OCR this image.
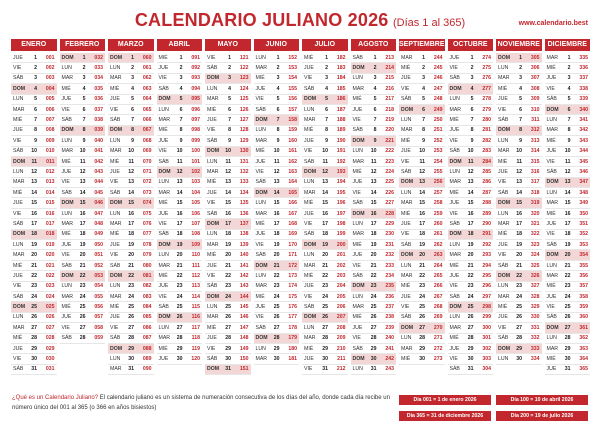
CALENDARIO JULIANO 2026 (Días 1 al 365)	www.calendario.best
ENERO
JUE	1	001
VIE	2	002
SÁB	3	003
DOM	4	004
LUN	5	005
MAR	6	006
MIÉ	7	007
JUE	8	008
VIE	9	009
SÁB	10	010
DOM	11	011
LUN	12	012
MAR	13	013
MIÉ	14	014
JUE	15	015
VIE	16	016
SÁB	17	017
DOM	18	018
LUN	19	019
MAR	20	020
MIÉ	21	021
JUE	22	022
VIE	23	023
SÁB	24	024
DOM	25	025
LUN	26	026
MAR	27	027
MIÉ	28	028
JUE	29	029
VIE	30	030
SÁB	31	031
FEBRERO
DOM	1	032
LUN	2	033
MAR	3	034
MIÉ	4	035
JUE	5	036
VIE	6	037
SÁB	7	038
DOM	8	039
LUN	9	040
MAR	10	041
MIÉ	11	042
JUE	12	043
VIE	13	044
SÁB	14	045
DOM	15	046
LUN	16	047
MAR	17	048
MIÉ	18	049
JUE	19	050
VIE	20	051
SÁB	21	052
DOM	22	053
LUN	23	054
MAR	24	055
MIÉ	25	056
JUE	26	057
VIE	27	058
SÁB	28	059
MARZO
DOM	1	060
LUN	2	061
MAR	3	062
MIÉ	4	063
JUE	5	064
VIE	6	065
SÁB	7	066
DOM	8	067
LUN	9	068
MAR	10	069
MIÉ	11	070
JUE	12	071
VIE	13	072
SÁB	14	073
DOM	15	074
LUN	16	075
MAR	17	076
MIÉ	18	077
JUE	19	078
VIE	20	079
SÁB	21	080
DOM	22	081
LUN	23	082
MAR	24	083
MIÉ	25	084
JUE	26	085
VIE	27	086
SÁB	28	087
DOM	29	088
LUN	30	089
MAR	31	090
ABRIL
MIÉ	1	091
JUE	2	092
VIE	3	093
SÁB	4	094
DOM	5	095
LUN	6	096
MAR	7	097
MIÉ	8	098
JUE	9	099
VIE	10	100
SÁB	11	101
DOM	12	102
LUN	13	103
MAR	14	104
MIÉ	15	105
JUE	16	106
VIE	17	107
SÁB	18	108
DOM	19	109
LUN	20	110
MAR	21	111
MIÉ	22	112
JUE	23	113
VIE	24	114
SÁB	25	115
DOM	26	116
LUN	27	117
MAR	28	118
MIÉ	29	119
JUE	30	120
MAYO
VIE	1	121
SÁB	2	122
DOM	3	123
LUN	4	124
MAR	5	125
MIÉ	6	126
JUE	7	127
VIE	8	128
SÁB	9	129
DOM	10	130
LUN	11	131
MAR	12	132
MIÉ	13	133
JUE	14	134
VIE	15	135
SÁB	16	136
DOM	17	137
LUN	18	138
MAR	19	139
MIÉ	20	140
JUE	21	141
VIE	22	142
SÁB	23	143
DOM	24	144
LUN	25	145
MAR	26	146
MIÉ	27	147
JUE	28	148
VIE	29	149
SÁB	30	150
DOM	31	151
JUNIO
LUN	1	152
MAR	2	153
MIÉ	3	154
JUE	4	155
VIE	5	156
SÁB	6	157
DOM	7	158
LUN	8	159
MAR	9	160
MIÉ	10	161
JUE	11	162
VIE	12	163
SÁB	13	164
DOM	14	165
LUN	15	166
MAR	16	167
MIÉ	17	168
JUE	18	169
VIE	19	170
SÁB	20	171
DOM	21	172
LUN	22	173
MAR	23	174
MIÉ	24	175
JUE	25	176
VIE	26	177
SÁB	27	178
DOM	28	179
LUN	29	180
MAR	30	181
JULIO
MIÉ	1	182
JUE	2	183
VIE	3	184
SÁB	4	185
DOM	5	186
LUN	6	187
MAR	7	188
MIÉ	8	189
JUE	9	190
VIE	10	191
SÁB	11	192
DOM	12	193
LUN	13	194
MAR	14	195
MIÉ	15	196
JUE	16	197
VIE	17	198
SÁB	18	199
DOM	19	200
LUN	20	201
MAR	21	202
MIÉ	22	203
JUE	23	204
VIE	24	205
SÁB	25	206
DOM	26	207
LUN	27	208
MAR	28	209
MIÉ	29	210
JUE	30	211
VIE	31	212
AGOSTO
SÁB	1	213
DOM	2	214
LUN	3	215
MAR	4	216
MIÉ	5	217
JUE	6	218
VIE	7	219
SÁB	8	220
DOM	9	221
LUN	10	222
MAR	11	223
MIÉ	12	224
JUE	13	225
VIE	14	226
SÁB	15	227
DOM	16	228
LUN	17	229
MAR	18	230
MIÉ	19	231
JUE	20	232
VIE	21	233
SÁB	22	234
DOM	23	235
LUN	24	236
MAR	25	237
MIÉ	26	238
JUE	27	239
VIE	28	240
SÁB	29	241
DOM	30	242
LUN	31	243
SEPTIEMBRE
MAR	1	244
MIÉ	2	245
JUE	3	246
VIE	4	247
SÁB	5	248
DOM	6	249
LUN	7	250
MAR	8	251
MIÉ	9	252
JUE	10	253
VIE	11	254
SÁB	12	255
DOM	13	256
LUN	14	257
MAR	15	258
MIÉ	16	259
JUE	17	260
VIE	18	261
SÁB	19	262
DOM	20	263
LUN	21	264
MAR	22	265
MIÉ	23	266
JUE	24	267
VIE	25	268
SÁB	26	269
DOM	27	270
LUN	28	271
MAR	29	272
MIÉ	30	273
OCTUBRE
JUE	1	274
VIE	2	275
SÁB	3	276
DOM	4	277
LUN	5	278
MAR	6	279
MIÉ	7	280
JUE	8	281
VIE	9	282
SÁB	10	283
DOM	11	284
LUN	12	285
MAR	13	286
MIÉ	14	287
JUE	15	288
VIE	16	289
SÁB	17	290
DOM	18	291
LUN	19	292
MAR	20	293
MIÉ	21	294
JUE	22	295
VIE	23	296
SÁB	24	297
DOM	25	298
LUN	26	299
MAR	27	300
MIÉ	28	301
JUE	29	302
VIE	30	303
SÁB	31	304
NOVIEMBRE
DOM	1	305
LUN	2	306
MAR	3	307
MIÉ	4	308
JUE	5	309
VIE	6	310
SÁB	7	311
DOM	8	312
LUN	9	313
MAR	10	314
MIÉ	11	315
JUE	12	316
VIE	13	317
SÁB	14	318
DOM	15	319
LUN	16	320
MAR	17	321
MIÉ	18	322
JUE	19	323
VIE	20	324
SÁB	21	325
DOM	22	326
LUN	23	327
MAR	24	328
MIÉ	25	329
JUE	26	330
VIE	27	331
SÁB	28	332
DOM	29	333
LUN	30	334
DICIEMBRE
MAR	1	335
MIÉ	2	336
JUE	3	337
VIE	4	338
SÁB	5	339
DOM	6	340
LUN	7	341
MAR	8	342
MIÉ	9	343
JUE	10	344
VIE	11	345
SÁB	12	346
DOM	13	347
LUN	14	348
MAR	15	349
MIÉ	16	350
JUE	17	351
VIE	18	352
SÁB	19	353
DOM	20	354
LUN	21	355
MAR	22	356
MIÉ	23	357
JUE	24	358
VIE	25	359
SÁB	26	360
DOM	27	361
LUN	28	362
MAR	29	363
MIÉ	30	364
JUE	31	365
¿Qué es un Calendario Juliano? El calendario juliano es un sistema de numeración consecutiva de los días del año, donde cada día recibe un número único del 001 al 365 (o 366 en años bisiestos)
Día 001 = 1 de enero 2026	Día 100 = 10 de abril 2026
Día 365 = 31 de diciembre 2026	Día 200 = 19 de julio 2026
